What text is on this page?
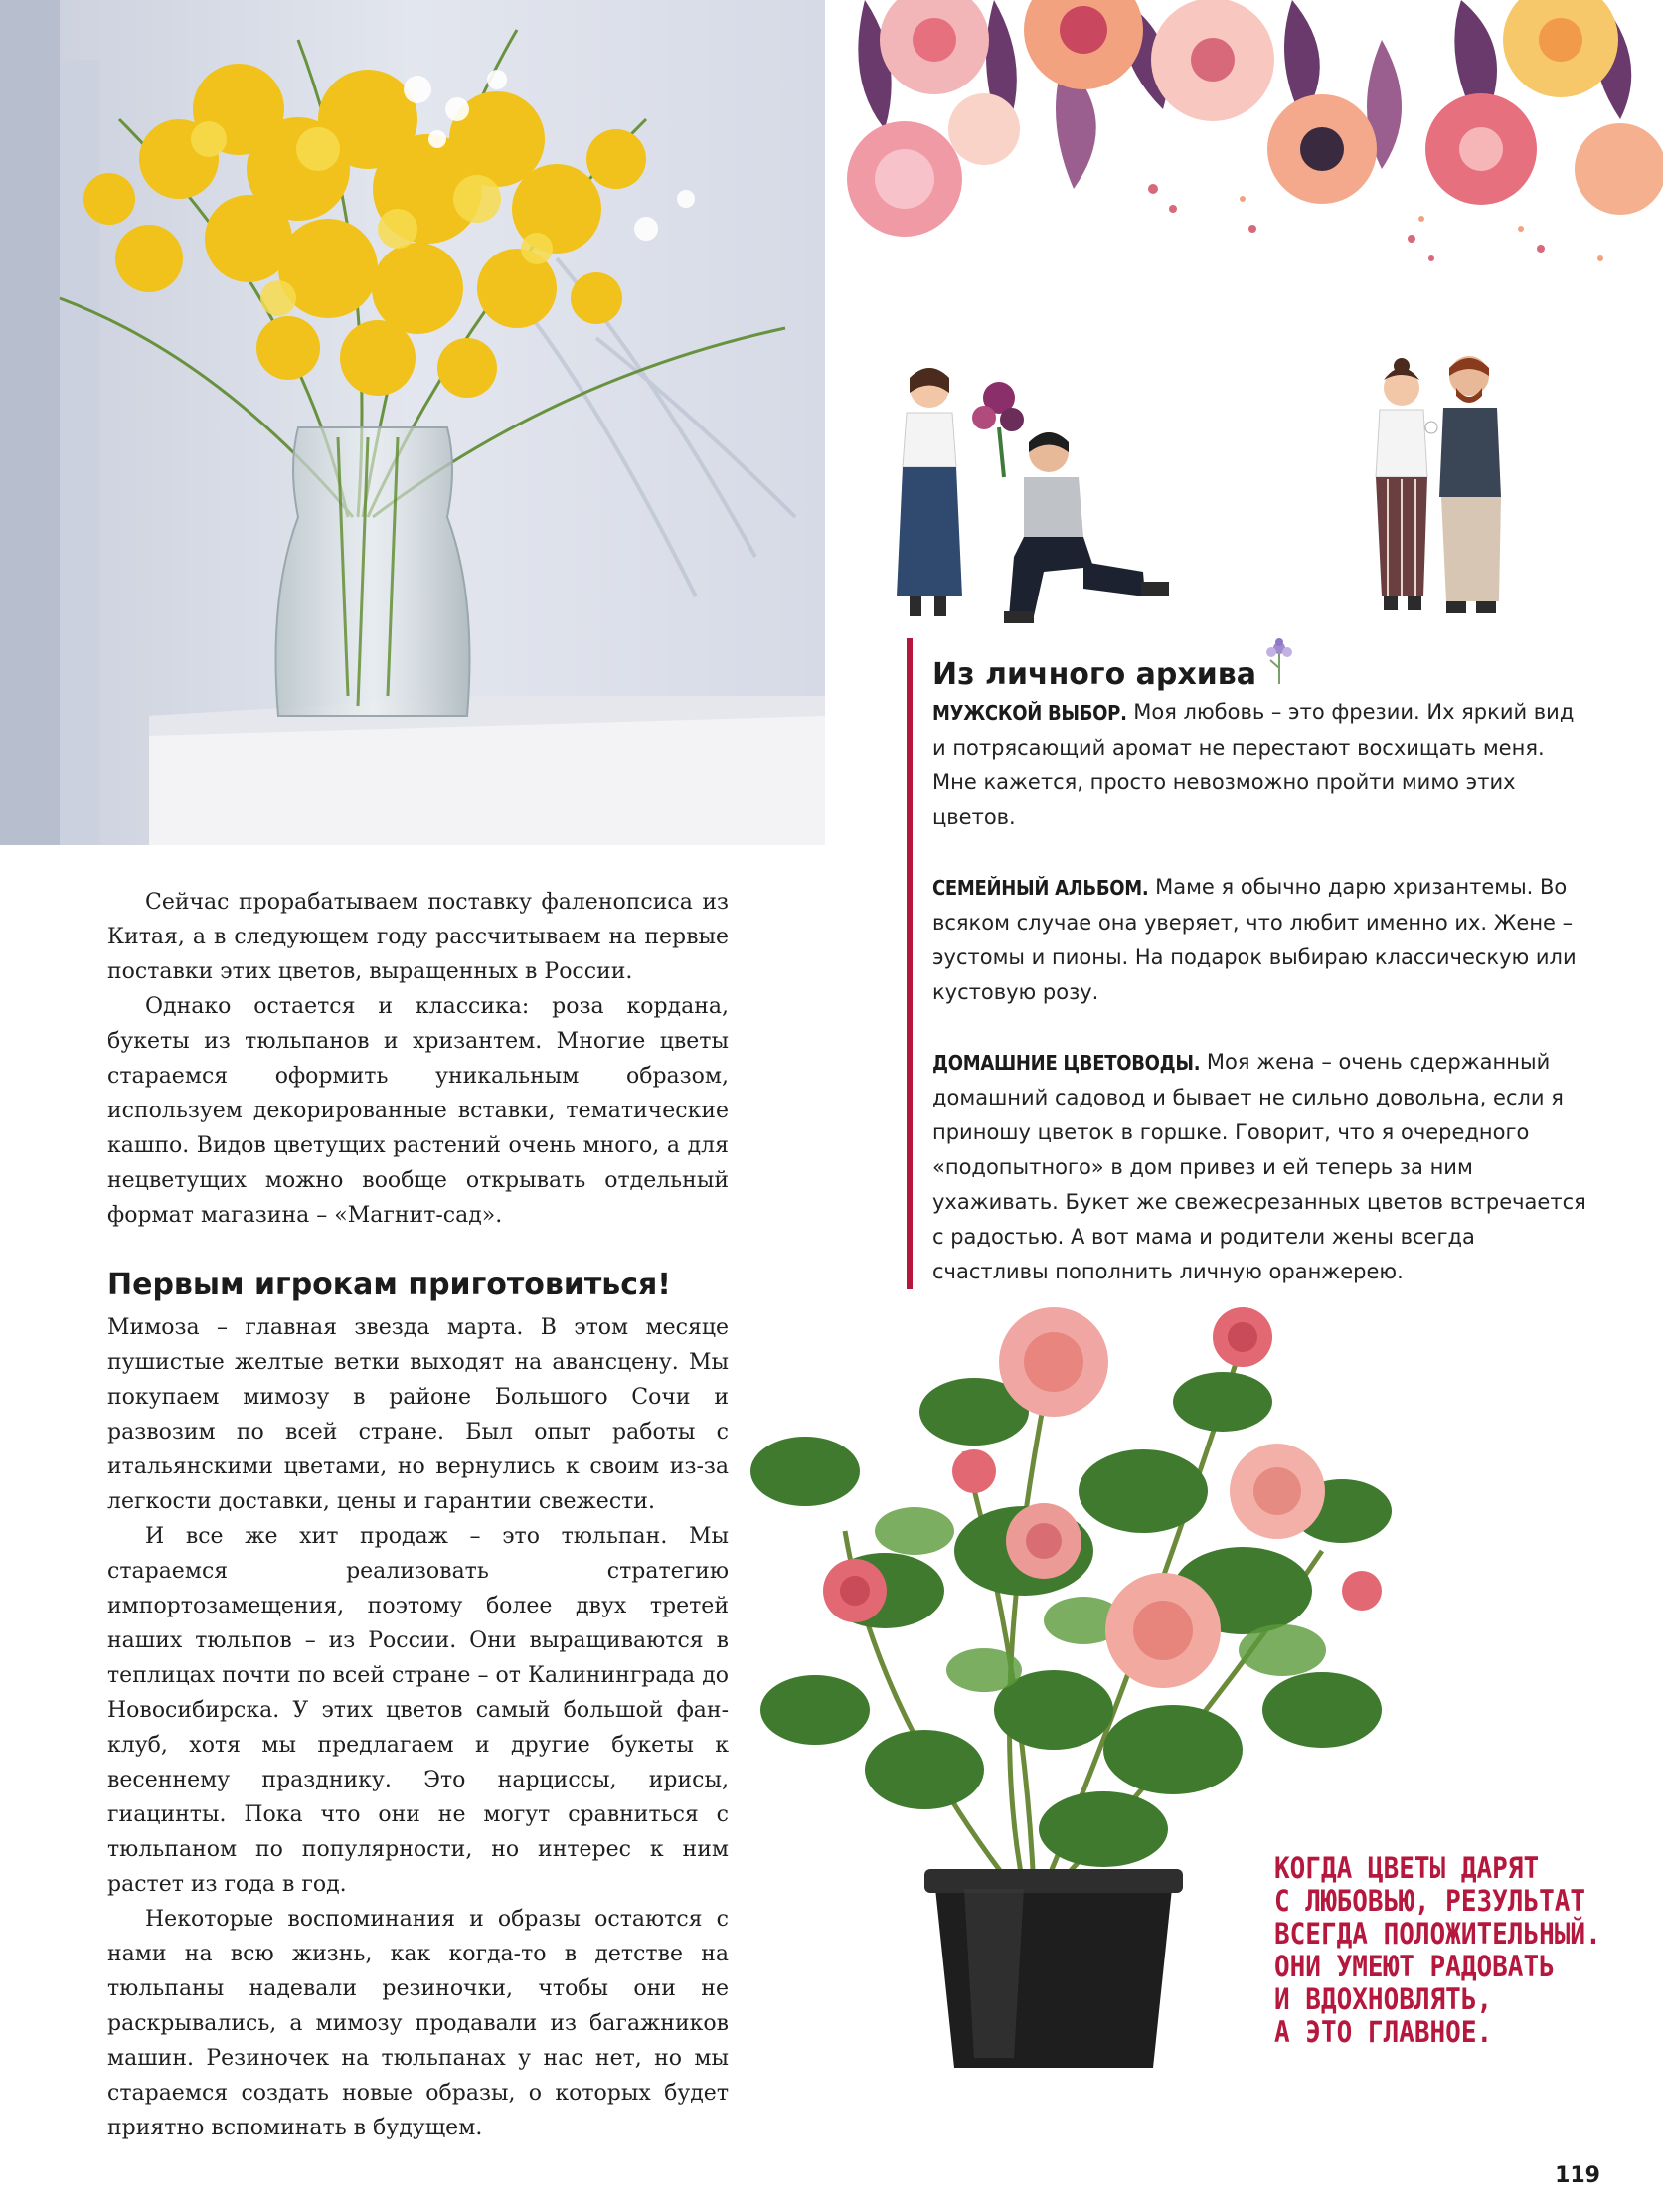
Сейчас прорабатываем поставку фаленопсиса из Китая, а в следующем году рассчитываем на первые поставки этих цветов, выращенных в России.

Однако остается и классика: роза кордана, букеты из тюльпанов и хризантем. Многие цветы стараемся оформить уникальным образом, используем декорированные вставки, тематические кашпо. Видов цветущих растений очень много, а для нецветущих можно вообще открывать отдельный формат магазина – «Магнит-сад».

Первым игрокам приготовиться!

Мимоза – главная звезда марта. В этом месяце пушистые желтые ветки выходят на авансцену. Мы покупаем мимозу в районе Большого Сочи и развозим по всей стране. Был опыт работы с итальянскими цветами, но вернулись к своим из-за легкости доставки, цены и гарантии свежести.

И все же хит продаж – это тюльпан. Мы стараемся реализовать стратегию импортозамещения, поэтому более двух третей наших тюльпов – из России. Они выращиваются в теплицах почти по всей стране – от Калининграда до Новосибирска. У этих цветов самый большой фан-клуб, хотя мы предлагаем и другие букеты к весеннему празднику. Это нарциссы, ирисы, гиацинты. Пока что они не могут сравниться с тюльпаном по популярности, но интерес к ним растет из года в год.

Некоторые воспоминания и образы остаются с нами на всю жизнь, как когда-то в детстве на тюльпаны надевали резиночки, чтобы они не раскрывались, а мимозу продавали из багажников машин. Резиночек на тюльпанах у нас нет, но мы стараемся создать новые образы, о которых будет приятно вспоминать в будущем.

Из личного архива

МУЖСКОЙ ВЫБОР. Моя любовь – это фрезии. Их яркий вид и потрясающий аромат не перестают восхищать меня. Мне кажется, просто невозможно пройти мимо этих цветов.

СЕМЕЙНЫЙ АЛЬБОМ. Маме я обычно дарю хризантемы. Во всяком случае она уверяет, что любит именно их. Жене – эустомы и пионы. На подарок выбираю классическую или кустовую розу.

ДОМАШНИЕ ЦВЕТОВОДЫ. Моя жена – очень сдержанный домашний садовод и бывает не сильно довольна, если я приношу цветок в горшке. Говорит, что я очередного «подопытного» в дом привез и ей теперь за ним ухаживать. Букет же свежесрезанных цветов встречается с радостью. А вот мама и родители жены всегда счастливы пополнить личную оранжерею.

КОГДА ЦВЕТЫ ДАРЯТ
С ЛЮБОВЬЮ, РЕЗУЛЬТАТ
ВСЕГДА ПОЛОЖИТЕЛЬНЫЙ.
ОНИ УМЕЮТ РАДОВАТЬ
И ВДОХНОВЛЯТЬ,
А ЭТО ГЛАВНОЕ.
119
